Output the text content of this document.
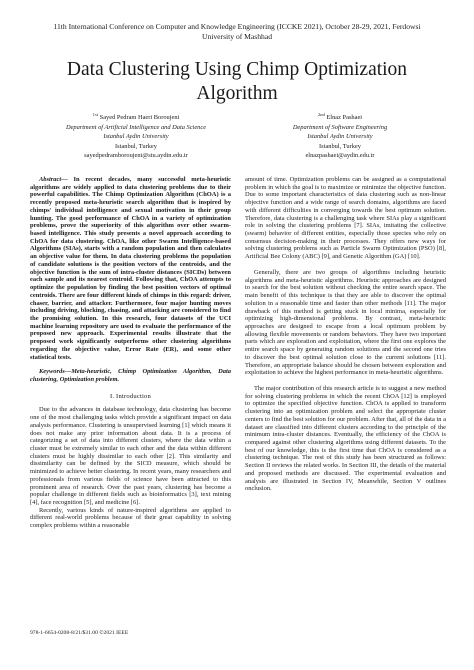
11th International Conference on Computer and Knowledge Engineering (ICCKE 2021), October 28-29, 2021, Ferdowsi
University of Mashhad
Data Clustering Using Chimp Optimization
Algorithm
$^{1st}$ Sayed Pedram Haeri Boroujeni
Department of Artificial Intelligence and Data Science
Istanbul Aydin University
Istanbul, Turkey
sayedpedramboroujeni@stu.aydin.edu.tr
$^{2nd}$ Elnaz Pashaei
Department of Software Engineering
Istanbul Aydin University
Istanbul, Turkey
elnazpashaei@aydin.edu.tr

Abstract— In recent decades, many successful meta-heuristic algorithms are widely applied to data clustering problems due to their powerful capabilities. The Chimp Optimization Algorithm (ChOA) is a recently proposed meta-heuristic search algorithm that is inspired by chimps' individual intelligence and sexual motivation in their group hunting. The good performance of ChOA in a variety of optimization problems, prove the superiority of this algorithm over other swarm-based intelligence. This study presents a novel approach according to ChOA for data clustering. ChOA, like other Swarm Intelligence-based Algorithms (SIAs), starts with a random population and then calculates an objective value for them. In data clustering problems the population of candidate solutions is the position vectors of the centroids, and the objective function is the sum of intra-cluster distances (SICDs) between each sample and its nearest centroid. Following that, ChOA attempts to optimize the population by finding the best position vectors of optimal centroids. There are four different kinds of chimps in this regard: driver, chaser, barrier, and attacker. Furthermore, four major hunting moves including driving, blocking, chasing, and attacking are considered to find the promising solution. In this research, four datasets of the UCI machine learning repository are used to evaluate the performance of the proposed new approach. Experimental results illustrate that the proposed work significantly outperforms other clustering algorithms regarding the objective value, Error Rate (ER), and some other statistical tests.

Keywords—Meta-heuristic, Chimp Optimization Algorithm, Data clustering, Optimization problem.

I. Introduction

Due to the advances in database technology, data clustering has become one of the most challenging tasks which provide a significant impact on data analysis performance. Clustering is unsupervised learning [1] which means it does not make any prior information about data. It is a process of categorizing a set of data into different clusters, where the data within a cluster must be extremely similar to each other and the data within different clusters must be highly dissimilar to each other [2]. This similarity and dissimilarity can be defined by the SICD measure, which should be minimized to achieve better clustering. In recent years, many researchers and professionals from various fields of science have been attracted to this prominent area of research. Over the past years, clustering has become a popular challenge in different fields such as bioinformatics [3], text mining [4], face recognition [5], and medicine [6].

Recently, various kinds of nature-inspired algorithms are applied to different real-world problems because of their great capability in solving complex problems within a reasonable

amount of time. Optimization problems can be assigned as a computational problem in which the goal is to maximize or minimize the objective function. Due to some important characteristics of data clustering such as non-linear objective function and a wide range of search domains, algorithms are faced with different difficulties in converging towards the best optimum solution. Therefore, data clustering is a challenging task where SIAs play a significant role in solving the clustering problems [7]. SIAs, imitating the collective (swarm) behavior of different entities, especially those species who rely on consensus decision-making in their processes. They offers new ways for solving clustering problems such as Particle Swarm Optimization (PSO) [8], Artificial Bee Colony (ABC) [9], and Genetic Algorithm (GA) [10].

Generally, there are two groups of algorithms including heuristic algorithms and meta-heuristic algorithms. Heuristic approaches are designed to search for the best solution without checking the entire search space. The main benefit of this technique is that they are able to discover the optimal solution in a reasonable time and faster than other methods [11]. The major drawback of this method is getting stuck in local minima, especially for optimizing high-dimensional problems. By contrast, meta-heuristic approaches are designed to escape from a local optimum problem by allowing flexible movements or random behaviors. They have two important parts which are exploration and exploitation, where the first one explores the entire search space by generating random solutions and the second one tries to discover the best optimal solution close to the current solutions [11]. Therefore, an appropriate balance should be chosen between exploration and exploitation to achieve the highest performance in meta-heuristic algorithms.

The major contribution of this research article is to suggest a new method for solving clustering problems in which the recent ChOA [12] is employed to optimize the specified objective function. ChOA is applied to transform clustering into an optimization problem and select the appropriate cluster centers to find the best solution for our problem. After that, all of the data in a dataset are classified into different clusters according to the principle of the minimum intra-cluster distances. Eventually, the efficiency of the ChOA is compared against other clustering algorithms using different datasets. To the best of our knowledge, this is the first time that ChOA is considered as a clustering technique. The rest of this study has been structured as follows: Section II reviews the related works. In Section III, the details of the material and proposed methods are discussed. The experimental evaluation and analysis are illustrated in Section IV, Meanwhile, Section V outlines onclusion.

978-1-6654-0208-8/21/$31.00 ©2021 IEEE
